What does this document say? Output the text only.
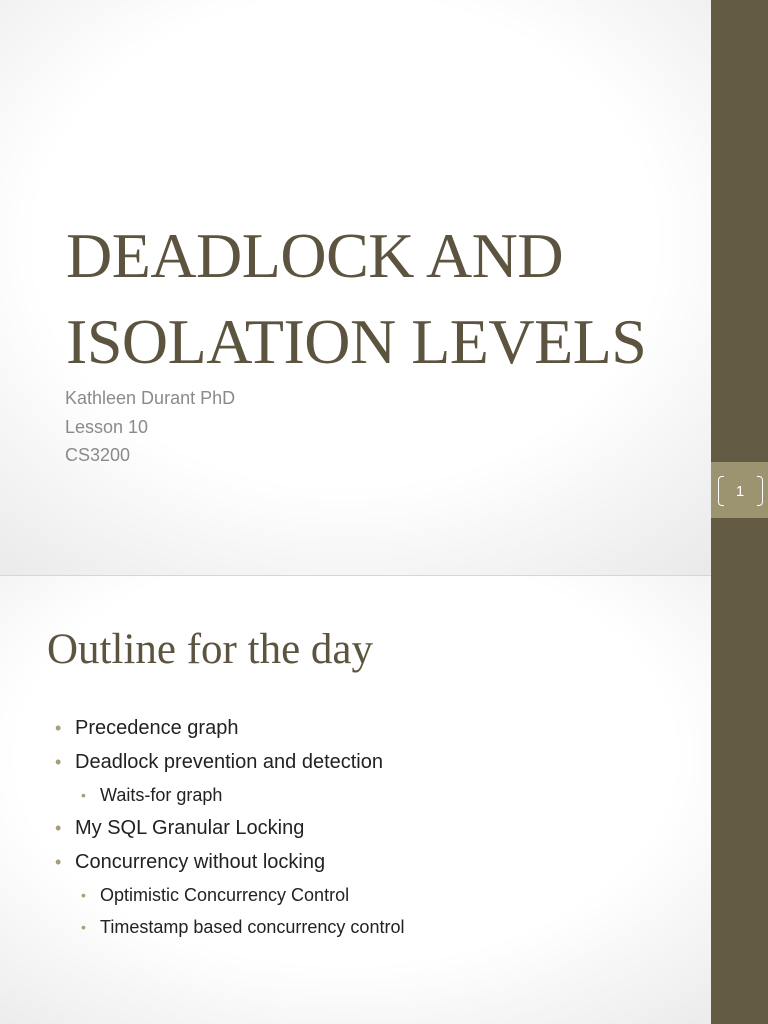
DEADLOCK AND
ISOLATION LEVELS
Kathleen Durant PhD
Lesson 10
CS3200
Outline for the day
• Precedence graph
• Deadlock prevention and detection
• Waits-for graph
• My SQL Granular Locking
• Concurrency without locking
• Optimistic Concurrency Control
• Timestamp based concurrency control
1
